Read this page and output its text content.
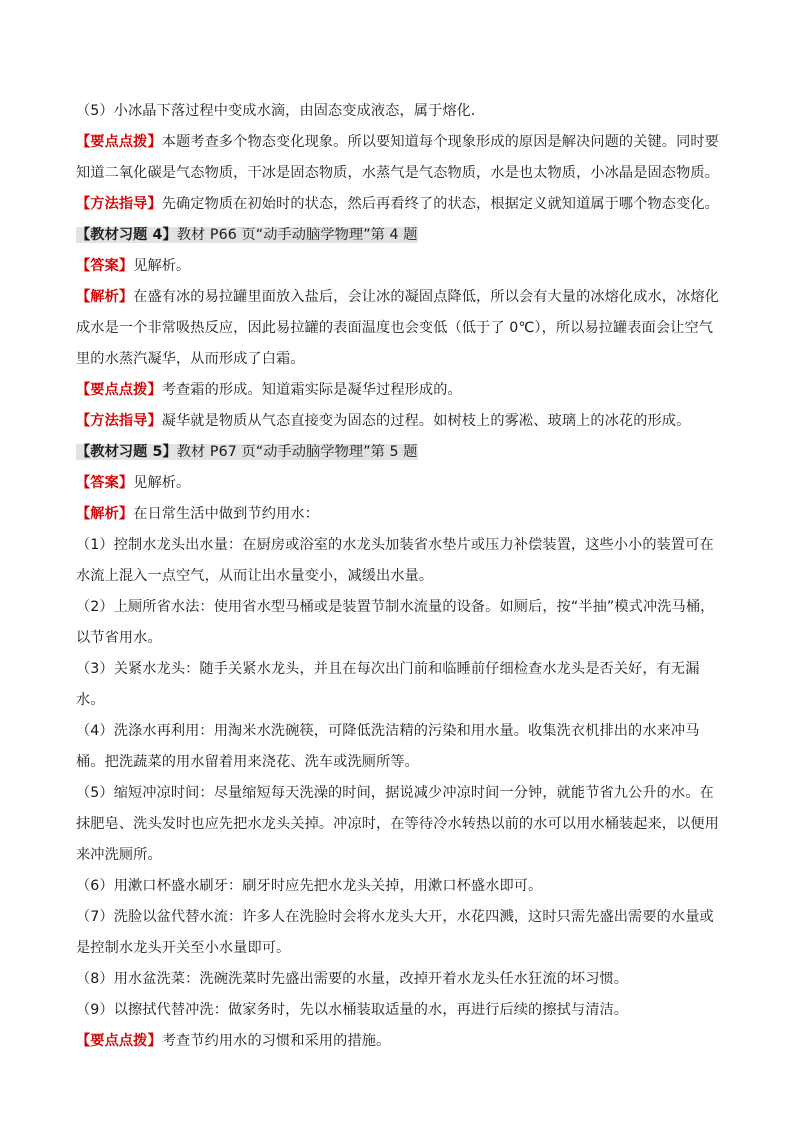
（5）小冰晶下落过程中变成水滴，由固态变成液态，属于熔化．

【要点点拨】本题考查多个物态变化现象。所以要知道每个现象形成的原因是解决问题的关键。同时要知道二氧化碳是气态物质，干冰是固态物质，水蒸气是气态物质，水是也太物质，小冰晶是固态物质。

【方法指导】先确定物质在初始时的状态，然后再看终了的状态，根据定义就知道属于哪个物态变化。

【教材习题 4】教材 P66 页“动手动脑学物理”第 4 题

【答案】见解析。

【解析】在盛有冰的易拉罐里面放入盐后，会让冰的凝固点降低，所以会有大量的冰熔化成水，冰熔化成水是一个非常吸热反应，因此易拉罐的表面温度也会变低（低于了 0℃），所以易拉罐表面会让空气里的水蒸汽凝华，从而形成了白霜。

【要点点拨】考查霜的形成。知道霜实际是凝华过程形成的。

【方法指导】凝华就是物质从气态直接变为固态的过程。如树枝上的雾凇、玻璃上的冰花的形成。

【教材习题 5】教材 P67 页“动手动脑学物理”第 5 题

【答案】见解析。

【解析】在日常生活中做到节约用水：

（1）控制水龙头出水量：在厨房或浴室的水龙头加装省水垫片或压力补偿装置，这些小小的装置可在水流上混入一点空气，从而让出水量变小，减缓出水量。

（2）上厕所省水法：使用省水型马桶或是装置节制水流量的设备。如厕后，按“半抽”模式冲洗马桶，以节省用水。

（3）关紧水龙头：随手关紧水龙头，并且在每次出门前和临睡前仔细检查水龙头是否关好，有无漏水。

（4）洗涤水再利用：用淘米水洗碗筷，可降低洗洁精的污染和用水量。收集洗衣机排出的水来冲马桶。把洗蔬菜的用水留着用来浇花、洗车或洗厕所等。

（5）缩短冲凉时间：尽量缩短每天洗澡的时间，据说减少冲凉时间一分钟，就能节省九公升的水。在抹肥皂、洗头发时也应先把水龙头关掉。冲凉时，在等待冷水转热以前的水可以用水桶装起来，以便用来冲洗厕所。

（6）用漱口杯盛水刷牙：刷牙时应先把水龙头关掉，用漱口杯盛水即可。

（7）洗脸以盆代替水流：许多人在洗脸时会将水龙头大开，水花四溅，这时只需先盛出需要的水量或是控制水龙头开关至小水量即可。

（8）用水盆洗菜：洗碗洗菜时先盛出需要的水量，改掉开着水龙头任水狂流的坏习惯。

（9）以擦拭代替冲洗：做家务时，先以水桶装取适量的水，再进行后续的擦拭与清洁。

【要点点拨】考查节约用水的习惯和采用的措施。
